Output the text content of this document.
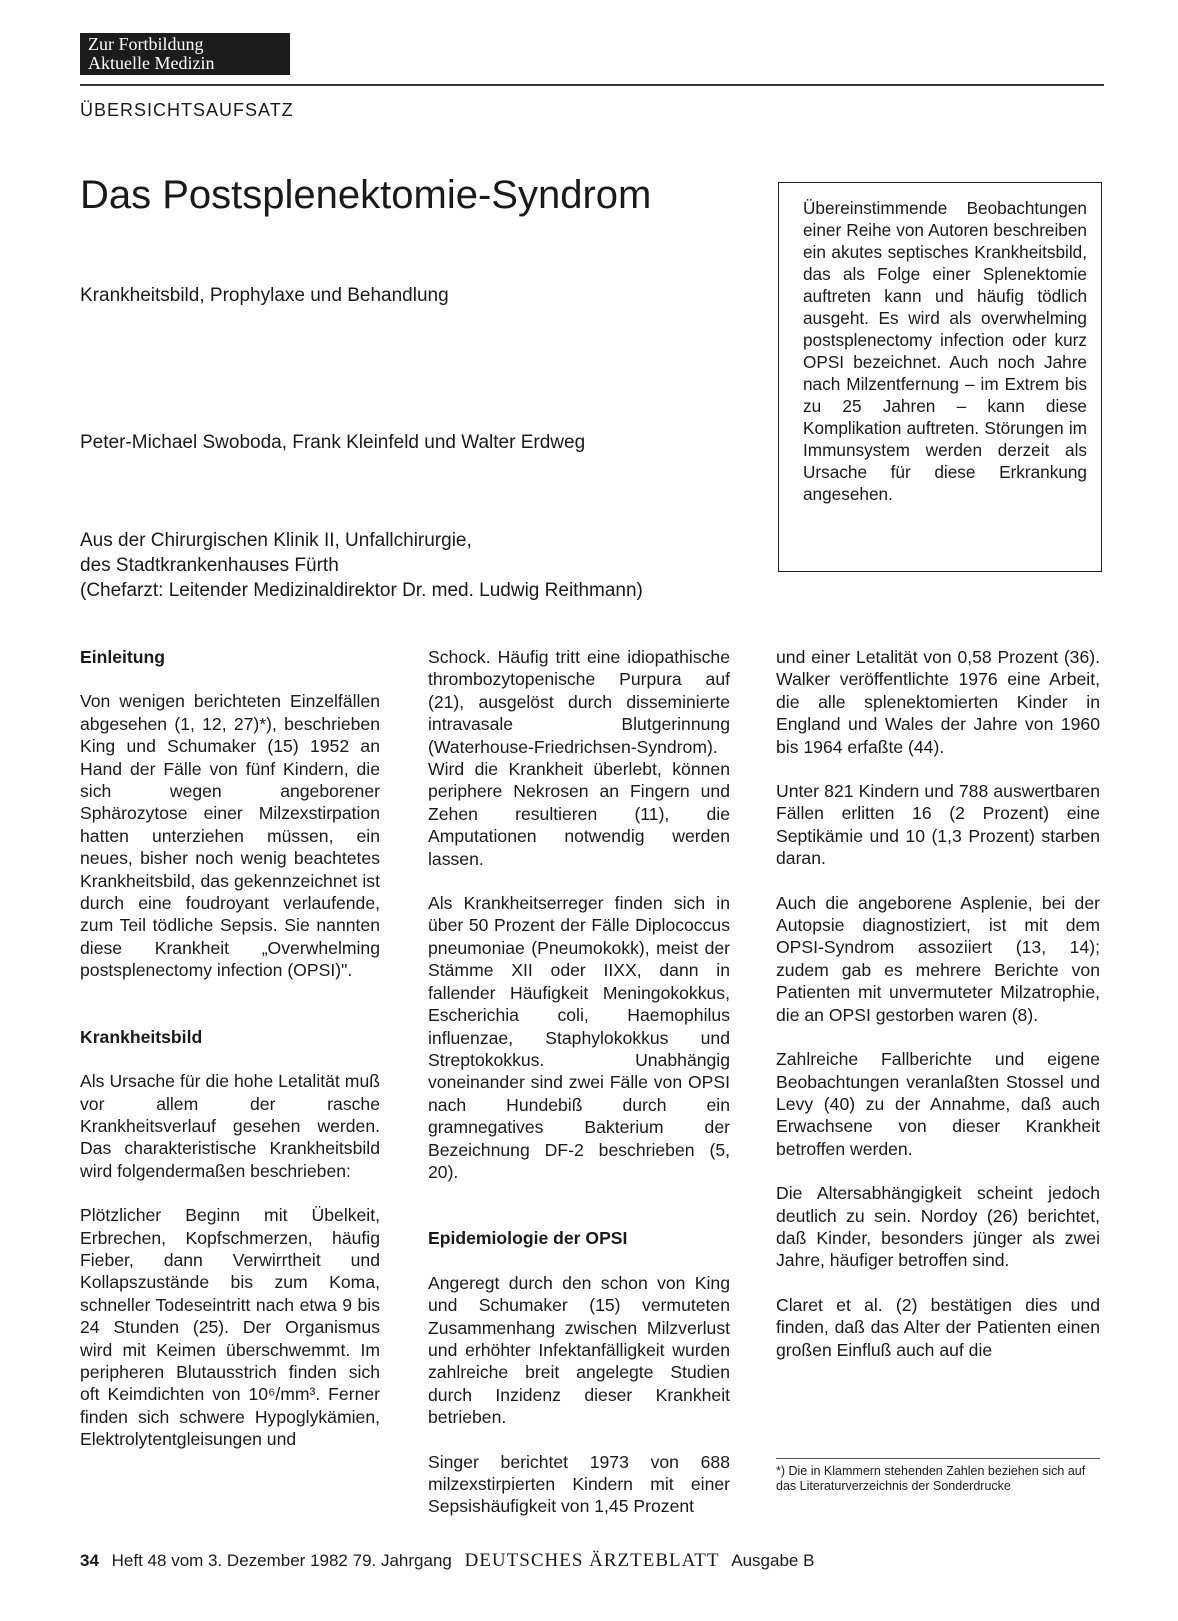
Zur Fortbildung
Aktuelle Medizin
ÜBERSICHTSAUFSATZ
Das Postsplenektomie-Syndrom
Krankheitsbild, Prophylaxe und Behandlung
Peter-Michael Swoboda, Frank Kleinfeld und Walter Erdweg
Aus der Chirurgischen Klinik II, Unfallchirurgie,
des Stadtkrankenhauses Fürth
(Chefarzt: Leitender Medizinaldirektor Dr. med. Ludwig Reithmann)
Übereinstimmende Beobachtungen einer Reihe von Autoren beschreiben ein akutes septisches Krankheitsbild, das als Folge einer Splenektomie auftreten kann und häufig tödlich ausgeht. Es wird als overwhelming postsplenectomy infection oder kurz OPSI bezeichnet. Auch noch Jahre nach Milzentfernung – im Extrem bis zu 25 Jahren – kann diese Komplikation auftreten. Störungen im Immunsystem werden derzeit als Ursache für diese Erkrankung angesehen.
Einleitung

Von wenigen berichteten Einzelfällen abgesehen (1, 12, 27)*), beschrieben King und Schumaker (15) 1952 an Hand der Fälle von fünf Kindern, die sich wegen angeborener Sphärozytose einer Milzexstirpation hatten unterziehen müssen, ein neues, bisher noch wenig beachtetes Krankheitsbild, das gekennzeichnet ist durch eine foudroyant verlaufende, zum Teil tödliche Sepsis. Sie nannten diese Krankheit „Overwhelming postsplenectomy infection (OPSI)".

Krankheitsbild

Als Ursache für die hohe Letalität muß vor allem der rasche Krankheitsverlauf gesehen werden. Das charakteristische Krankheitsbild wird folgendermaßen beschrieben:

Plötzlicher Beginn mit Übelkeit, Erbrechen, Kopfschmerzen, häufig Fieber, dann Verwirrtheit und Kollapszustände bis zum Koma, schneller Todeseintritt nach etwa 9 bis 24 Stunden (25). Der Organismus wird mit Keimen überschwemmt. Im peripheren Blutausstrich finden sich oft Keimdichten von 10⁶/mm³. Ferner finden sich schwere Hypoglykämien, Elektrolytentgleisungen und

Schock. Häufig tritt eine idiopathische thrombozytopenische Purpura auf (21), ausgelöst durch disseminierte intravasale Blutgerinnung (Waterhouse-Friedrichsen-Syndrom). Wird die Krankheit überlebt, können periphere Nekrosen an Fingern und Zehen resultieren (11), die Amputationen notwendig werden lassen.

Als Krankheitserreger finden sich in über 50 Prozent der Fälle Diplococcus pneumoniae (Pneumokokk), meist der Stämme XII oder IIXX, dann in fallender Häufigkeit Meningokokkus, Escherichia coli, Haemophilus influenzae, Staphylokokkus und Streptokokkus. Unabhängig voneinander sind zwei Fälle von OPSI nach Hundebiß durch ein gramnegatives Bakterium der Bezeichnung DF-2 beschrieben (5, 20).

Epidemiologie der OPSI

Angeregt durch den schon von King und Schumaker (15) vermuteten Zusammenhang zwischen Milzverlust und erhöhter Infektanfälligkeit wurden zahlreiche breit angelegte Studien durch Inzidenz dieser Krankheit betrieben.

Singer berichtet 1973 von 688 milzexstirpierten Kindern mit einer Sepsishäufigkeit von 1,45 Prozent

und einer Letalität von 0,58 Prozent (36). Walker veröffentlichte 1976 eine Arbeit, die alle splenektomierten Kinder in England und Wales der Jahre von 1960 bis 1964 erfaßte (44).

Unter 821 Kindern und 788 auswertbaren Fällen erlitten 16 (2 Prozent) eine Septikämie und 10 (1,3 Prozent) starben daran.

Auch die angeborene Asplenie, bei der Autopsie diagnostiziert, ist mit dem OPSI-Syndrom assoziiert (13, 14); zudem gab es mehrere Berichte von Patienten mit unvermuteter Milzatrophie, die an OPSI gestorben waren (8).

Zahlreiche Fallberichte und eigene Beobachtungen veranlaßten Stossel und Levy (40) zu der Annahme, daß auch Erwachsene von dieser Krankheit betroffen werden.

Die Altersabhängigkeit scheint jedoch deutlich zu sein. Nordoy (26) berichtet, daß Kinder, besonders jünger als zwei Jahre, häufiger betroffen sind.

Claret et al. (2) bestätigen dies und finden, daß das Alter der Patienten einen großen Einfluß auch auf die

*) Die in Klammern stehenden Zahlen beziehen sich auf das Literaturverzeichnis der Sonderdrucke
34 Heft 48 vom 3. Dezember 1982 79. Jahrgang DEUTSCHES ÄRZTEBLATT Ausgabe B
